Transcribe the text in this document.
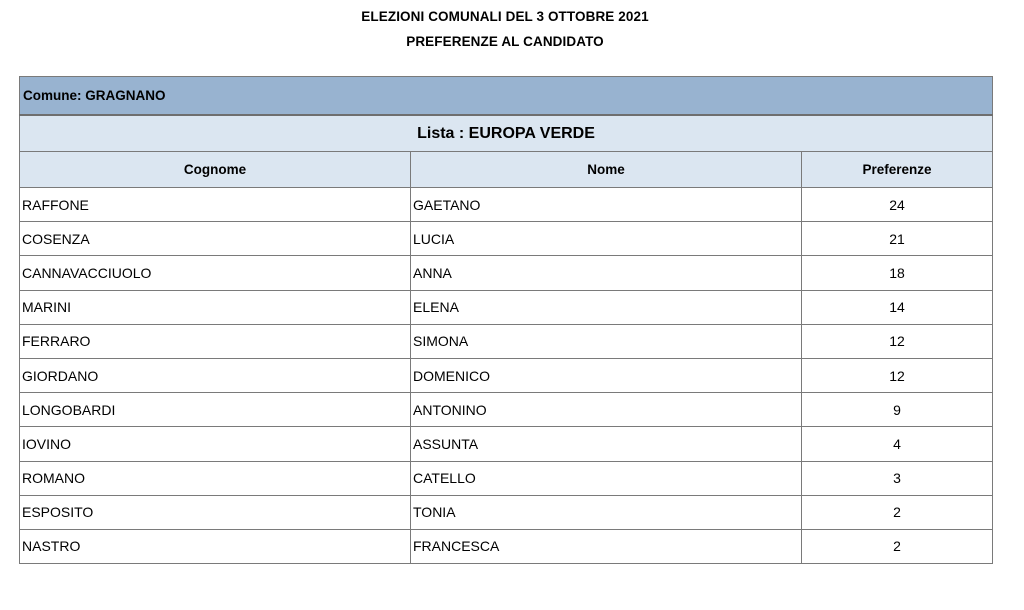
ELEZIONI COMUNALI DEL 3 OTTOBRE 2021
PREFERENZE AL CANDIDATO
Comune: GRAGNANO		
Lista : EUROPA VERDE		
Cognome	Nome	Preferenze
RAFFONE	GAETANO	24
COSENZA	LUCIA	21
CANNAVACCIUOLO	ANNA	18
MARINI	ELENA	14
FERRARO	SIMONA	12
GIORDANO	DOMENICO	12
LONGOBARDI	ANTONINO	9
IOVINO	ASSUNTA	4
ROMANO	CATELLO	3
ESPOSITO	TONIA	2
NASTRO	FRANCESCA	2
